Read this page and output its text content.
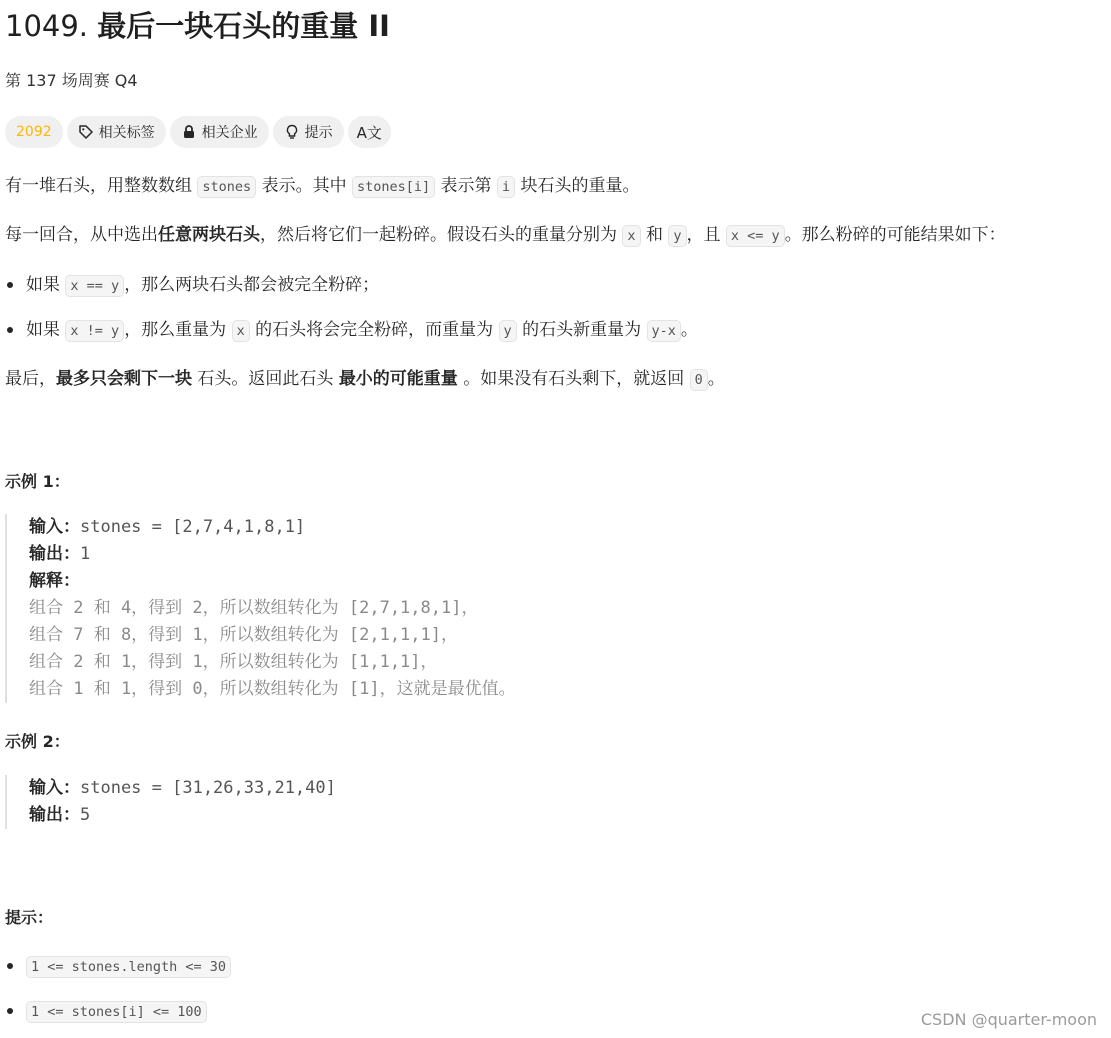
1049. 最后一块石头的重量 II
第 137 场周赛 Q4
2092	相关标签	相关企业	提示 A文

有一堆石头，用整数数组 stones 表示。其中 stones[i] 表示第 i 块石头的重量。

每一回合，从中选出任意两块石头，然后将它们一起粉碎。假设石头的重量分别为 x 和 y ，且 x <= y 。那么粉碎的可能结果如下：

如果 x == y ，那么两块石头都会被完全粉碎；
如果 x != y ，那么重量为 x 的石头将会完全粉碎，而重量为 y 的石头新重量为 y-x 。

最后，最多只会剩下一块 石头。返回此石头 最小的可能重量 。如果没有石头剩下，就返回 0 。

示例 1：
输入：stones = [2,7,4,1,8,1]
输出：1
解释：
组合 2 和 4，得到 2，所以数组转化为 [2,7,1,8,1]，
组合 7 和 8，得到 1，所以数组转化为 [2,1,1,1]，
组合 2 和 1，得到 1，所以数组转化为 [1,1,1]，
组合 1 和 1，得到 0，所以数组转化为 [1]，这就是最优值。
示例 2：
输入：stones = [31,26,33,21,40]
输出：5
提示：
1 <= stones.length <= 30
1 <= stones[i] <= 100	CSDN @quarter-moon
